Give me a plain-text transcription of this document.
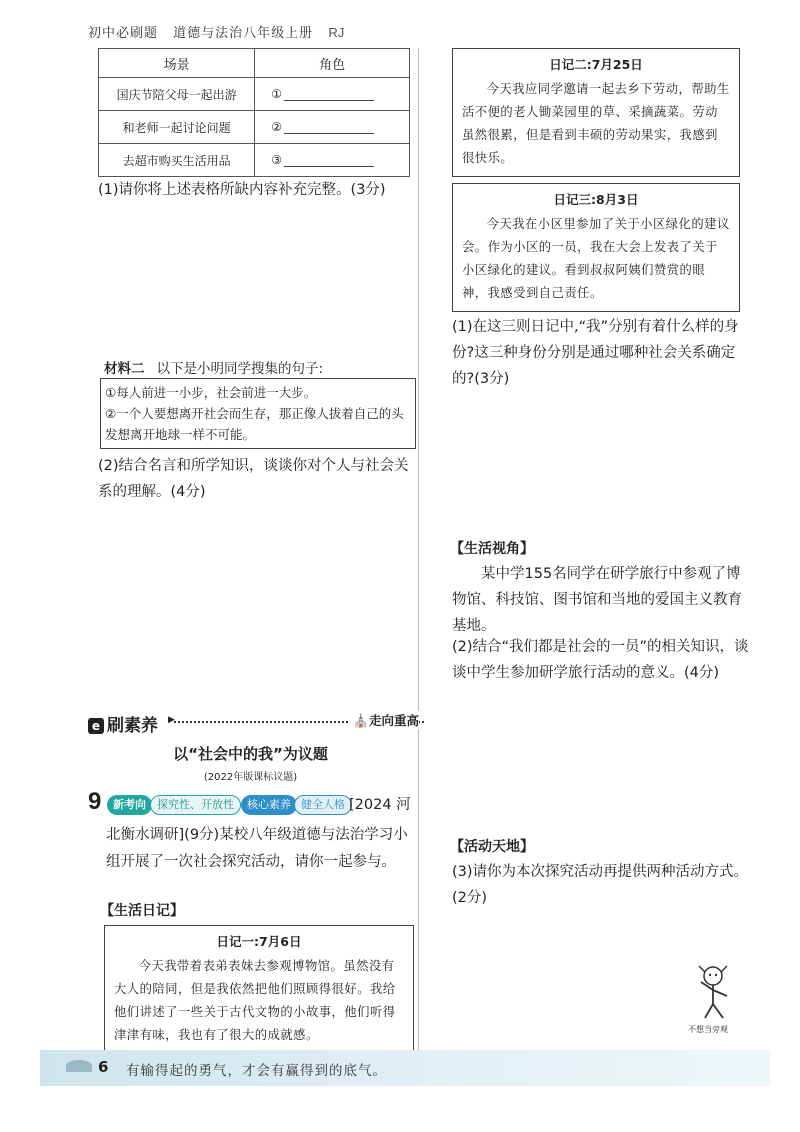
初中必刷题 道德与法治八年级上册 RJ
场景	角色
国庆节陪父母一起出游	①
和老师一起讨论问题	②
去超市购买生活用品	③
(1)请你将上述表格所缺内容补充完整。(3分)
材料二 以下是小明同学搜集的句子:
①每人前进一小步，社会前进一大步。
②一个人要想离开社会而生存，那正像人拔着自己的头发想离开地球一样不可能。
(2)结合名言和所学知识，谈谈你对个人与社会关系的理解。(4分)
e 刷素养 ▶	⛪走向重高
以“社会中的我”为议题
(2022年版课标议题)
9	新考向	探究性、开放性	核心素养 健全人格 [2024 河
北衡水调研](9分)某校八年级道德与法治学习小组开展了一次社会探究活动，请你一起参与。
【生活日记】
日记一:7月6日
今天我带着表弟表妹去参观博物馆。虽然没有大人的陪同，但是我依然把他们照顾得很好。我给他们讲述了一些关于古代文物的小故事，他们听得津津有味，我也有了很大的成就感。
日记二:7月25日
今天我应同学邀请一起去乡下劳动，帮助生活不便的老人锄菜园里的草、采摘蔬菜。劳动虽然很累，但是看到丰硕的劳动果实，我感到很快乐。
日记三:8月3日
今天我在小区里参加了关于小区绿化的建议会。作为小区的一员，我在大会上发表了关于小区绿化的建议。看到叔叔阿姨们赞赏的眼神，我感受到自己责任。
(1)在这三则日记中,“我”分别有着什么样的身份?这三种身份分别是通过哪种社会关系确定的?(3分)
【生活视角】
某中学155名同学在研学旅行中参观了博物馆、科技馆、图书馆和当地的爱国主义教育基地。
(2)结合“我们都是社会的一员”的相关知识，谈谈中学生参加研学旅行活动的意义。(4分)
【活动天地】
(3)请你为本次探究活动再提供两种活动方式。(2分)
不想当旁观
6 有输得起的勇气，才会有赢得到的底气。
